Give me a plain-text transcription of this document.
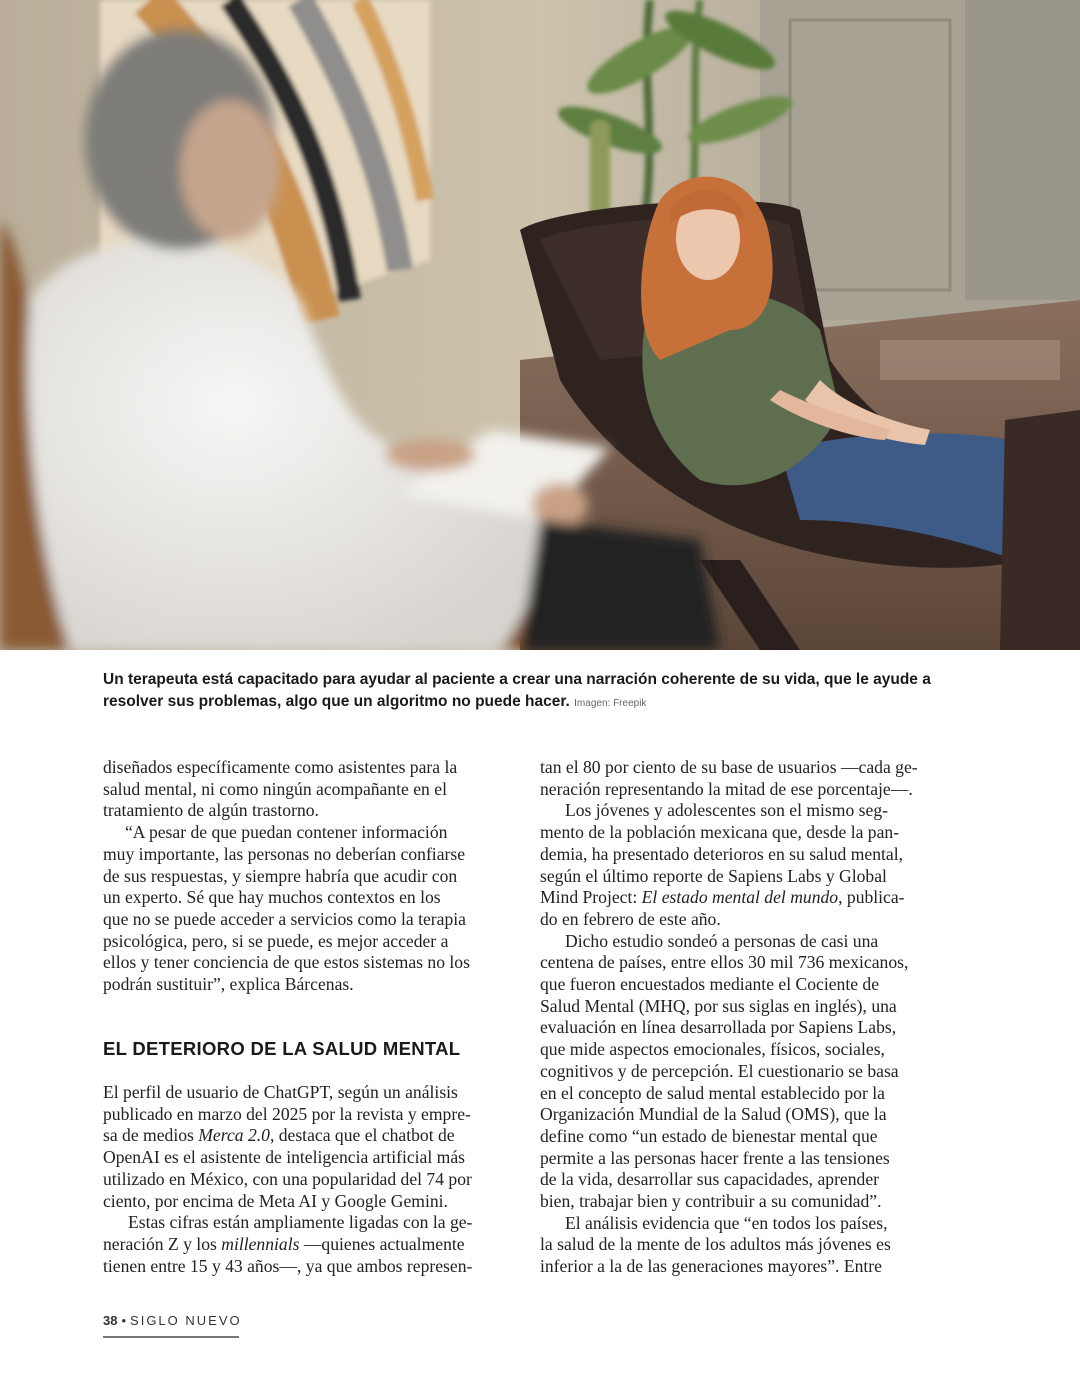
Un terapeuta está capacitado para ayudar al paciente a crear una narración coherente de su vida, que le ayude a resolver sus problemas, algo que un algoritmo no puede hacer. Imagen: Freepik

diseñados específicamente como asistentes para la
salud mental, ni como ningún acompañante en el
tratamiento de algún trastorno.

“A pesar de que puedan contener información
muy importante, las personas no deberían confiarse
de sus respuestas, y siempre habría que acudir con
un experto. Sé que hay muchos contextos en los
que no se puede acceder a servicios como la terapia
psicológica, pero, si se puede, es mejor acceder a
ellos y tener conciencia de que estos sistemas no los
podrán sustituir”, explica Bárcenas.

EL DETERIORO DE LA SALUD MENTAL

El perfil de usuario de ChatGPT, según un análisis
publicado en marzo del 2025 por la revista y empre-
sa de medios Merca 2.0, destaca que el chatbot de
OpenAI es el asistente de inteligencia artificial más
utilizado en México, con una popularidad del 74 por
ciento, por encima de Meta AI y Google Gemini.

Estas cifras están ampliamente ligadas con la ge-
neración Z y los millennials —quienes actualmente
tienen entre 15 y 43 años—, ya que ambos represen-

tan el 80 por ciento de su base de usuarios —cada ge-
neración representando la mitad de ese porcentaje—.

Los jóvenes y adolescentes son el mismo seg-
mento de la población mexicana que, desde la pan-
demia, ha presentado deterioros en su salud mental,
según el último reporte de Sapiens Labs y Global
Mind Project: El estado mental del mundo, publica-
do en febrero de este año.

Dicho estudio sondeó a personas de casi una
centena de países, entre ellos 30 mil 736 mexicanos,
que fueron encuestados mediante el Cociente de
Salud Mental (MHQ, por sus siglas en inglés), una
evaluación en línea desarrollada por Sapiens Labs,
que mide aspectos emocionales, físicos, sociales,
cognitivos y de percepción. El cuestionario se basa
en el concepto de salud mental establecido por la
Organización Mundial de la Salud (OMS), que la
define como “un estado de bienestar mental que
permite a las personas hacer frente a las tensiones
de la vida, desarrollar sus capacidades, aprender
bien, trabajar bien y contribuir a su comunidad”.

El análisis evidencia que “en todos los países,
la salud de la mente de los adultos más jóvenes es
inferior a la de las generaciones mayores”. Entre

38 • SIGLO NUEVO
